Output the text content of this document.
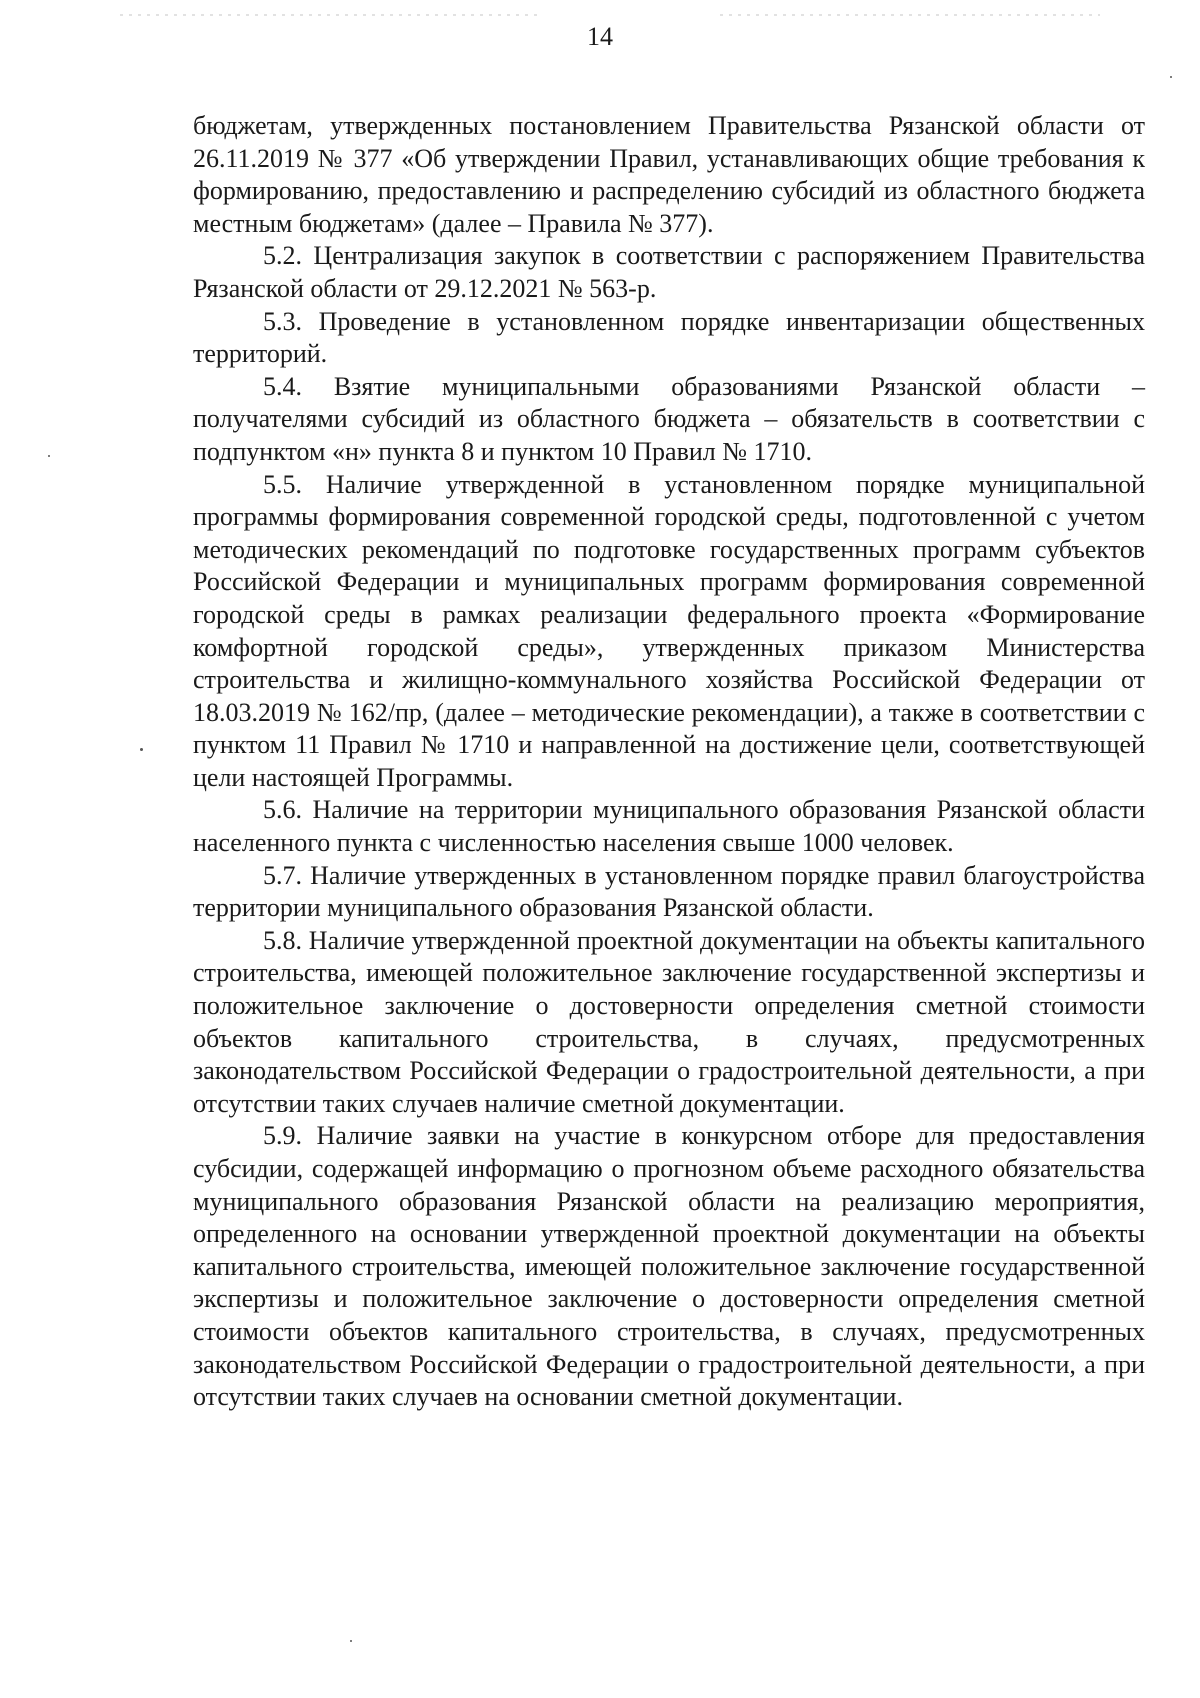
14

бюджетам, утвержденных постановлением Правительства Рязанской области от 26.11.2019 № 377 «Об утверждении Правил, устанавливающих общие требования к формированию, предоставлению и распределению субсидий из областного бюджета местным бюджетам» (далее – Правила № 377).

5.2. Централизация закупок в соответствии с распоряжением Правительства Рязанской области от 29.12.2021 № 563-р.

5.3. Проведение в установленном порядке инвентаризации общественных территорий.

5.4. Взятие муниципальными образованиями Рязанской области – получателями субсидий из областного бюджета – обязательств в соответствии с подпунктом «н» пункта 8 и пунктом 10 Правил № 1710.

5.5. Наличие утвержденной в установленном порядке муниципальной программы формирования современной городской среды, подготовленной с учетом методических рекомендаций по подготовке государственных программ субъектов Российской Федерации и муниципальных программ формирования современной городской среды в рамках реализации федерального проекта «Формирование комфортной городской среды», утвержденных приказом Министерства строительства и жилищно-коммунального хозяйства Российской Федерации от 18.03.2019 № 162/пр, (далее – методические рекомендации), а также в соответствии с пунктом 11 Правил № 1710 и направленной на достижение цели, соответствующей цели настоящей Программы.

5.6. Наличие на территории муниципального образования Рязанской области населенного пункта с численностью населения свыше 1000 человек.

5.7. Наличие утвержденных в установленном порядке правил благоустройства территории муниципального образования Рязанской области.

5.8. Наличие утвержденной проектной документации на объекты капитального строительства, имеющей положительное заключение государственной экспертизы и положительное заключение о достоверности определения сметной стоимости объектов капитального строительства, в случаях, предусмотренных законодательством Российской Федерации о градостроительной деятельности, а при отсутствии таких случаев наличие сметной документации.

5.9. Наличие заявки на участие в конкурсном отборе для предоставления субсидии, содержащей информацию о прогнозном объеме расходного обязательства муниципального образования Рязанской области на реализацию мероприятия, определенного на основании утвержденной проектной документации на объекты капитального строительства, имеющей положительное заключение государственной экспертизы и положительное заключение о достоверности определения сметной стоимости объектов капитального строительства, в случаях, предусмотренных законодательством Российской Федерации о градостроительной деятельности, а при отсутствии таких случаев на основании сметной документации.
